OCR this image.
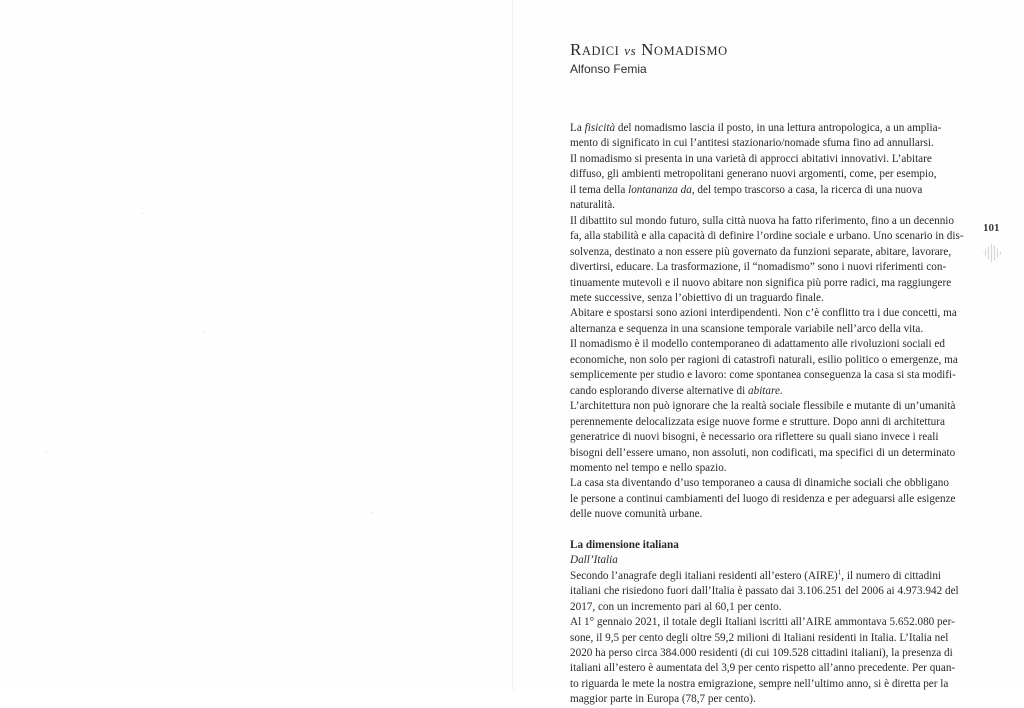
RADICI vs NOMADISMO
Alfonso Femia
101
La fisicità del nomadismo lascia il posto, in una lettura antropologica, a un amplia-
mento di significato in cui l’antitesi stazionario/nomade sfuma fino ad annullarsi.
Il nomadismo si presenta in una varietà di approcci abitativi innovativi. L’abitare
diffuso, gli ambienti metropolitani generano nuovi argomenti, come, per esempio,
il tema della lontananza da, del tempo trascorso a casa, la ricerca di una nuova
naturalità.
Il dibattito sul mondo futuro, sulla città nuova ha fatto riferimento, fino a un decennio
fa, alla stabilità e alla capacità di definire l’ordine sociale e urbano. Uno scenario in dis-
solvenza, destinato a non essere più governato da funzioni separate, abitare, lavorare,
divertirsi, educare. La trasformazione, il “nomadismo” sono i nuovi riferimenti con-
tinuamente mutevoli e il nuovo abitare non significa più porre radici, ma raggiungere
mete successive, senza l’obiettivo di un traguardo finale.
Abitare e spostarsi sono azioni interdipendenti. Non c’è conflitto tra i due concetti, ma
alternanza e sequenza in una scansione temporale variabile nell’arco della vita.
Il nomadismo è il modello contemporaneo di adattamento alle rivoluzioni sociali ed
economiche, non solo per ragioni di catastrofi naturali, esilio politico o emergenze, ma
semplicemente per studio e lavoro: come spontanea conseguenza la casa si sta modifi-
cando esplorando diverse alternative di abitare.
L’architettura non può ignorare che la realtà sociale flessibile e mutante di un’umanità
perennemente delocalizzata esige nuove forme e strutture. Dopo anni di architettura
generatrice di nuovi bisogni, è necessario ora riflettere su quali siano invece i reali
bisogni dell’essere umano, non assoluti, non codificati, ma specifici di un determinato
momento nel tempo e nello spazio.
La casa sta diventando d’uso temporaneo a causa di dinamiche sociali che obbligano
le persone a continui cambiamenti del luogo di residenza e per adeguarsi alle esigenze
delle nuove comunità urbane.
La dimensione italiana
Dall’Italia
Secondo l’anagrafe degli italiani residenti all’estero (AIRE)$^1$, il numero di cittadini
italiani che risiedono fuori dall’Italia è passato dai 3.106.251 del 2006 ai 4.973.942 del
2017, con un incremento pari al 60,1 per cento.
Al 1° gennaio 2021, il totale degli Italiani iscritti all’AIRE ammontava 5.652.080 per-
sone, il 9,5 per cento degli oltre 59,2 milioni di Italiani residenti in Italia. L’Italia nel
2020 ha perso circa 384.000 residenti (di cui 109.528 cittadini italiani), la presenza di
italiani all’estero è aumentata del 3,9 per cento rispetto all’anno precedente. Per quan-
to riguarda le mete la nostra emigrazione, sempre nell’ultimo anno, si è diretta per la
maggior parte in Europa (78,7 per cento).
